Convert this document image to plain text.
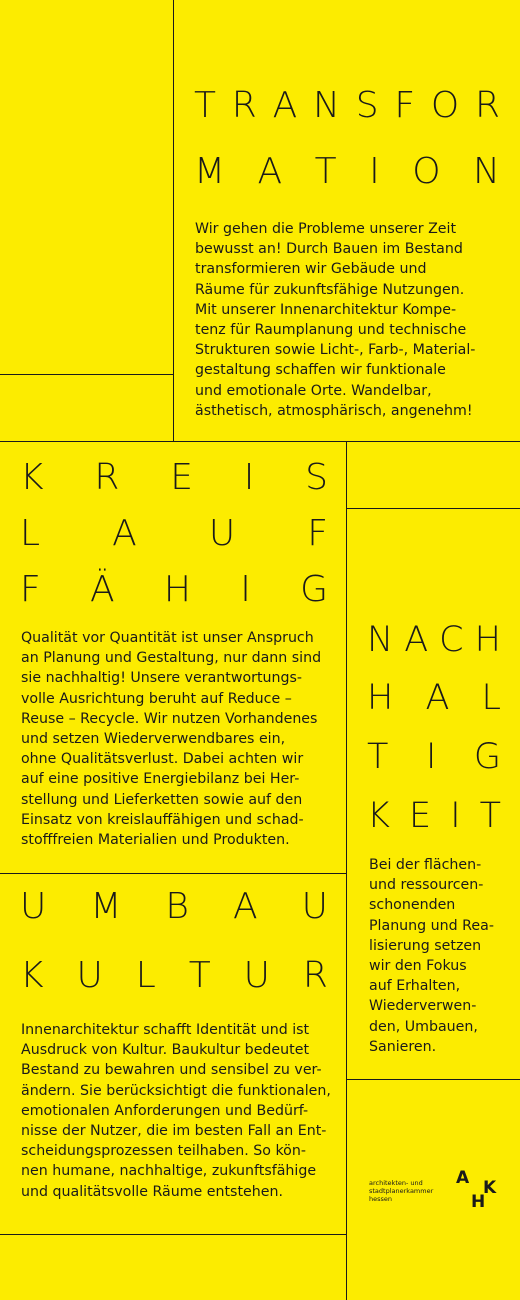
T R A N S F O R
M A T I O N
Wir gehen die Probleme unserer Zeit
bewusst an! Durch Bauen im Bestand
transformieren wir Gebäude und
Räume für zukunftsfähige Nutzungen.
Mit unserer Innenarchitektur Kompe-
tenz für Raumplanung und technische
Strukturen sowie Licht-, Farb-, Material-
gestaltung schaffen wir funktionale
und emotionale Orte. Wandelbar,
ästhetisch, atmosphärisch, angenehm!
K R E I S
L A U F
F Ä H I G
Qualität vor Quantität ist unser Anspruch
an Planung und Gestaltung, nur dann sind
sie nachhaltig! Unsere verantwortungs-
volle Ausrichtung beruht auf Reduce –
Reuse – Recycle. Wir nutzen Vorhandenes
und setzen Wiederverwendbares ein,
ohne Qualitätsverlust. Dabei achten wir
auf eine positive Energiebilanz bei Her-
stellung und Lieferketten sowie auf den
Einsatz von kreislauffähigen und schad-
stofffreien Materialien und Produkten.
N A C H
H A L
T I G
K E I T
Bei der flächen-
und ressourcen-
schonenden
Planung und Rea-
lisierung setzen
wir den Fokus
auf Erhalten,
Wiederverwen-
den, Umbauen,
Sanieren.
U M B A U
K U L T U R
Innenarchitektur schafft Identität und ist
Ausdruck von Kultur. Baukultur bedeutet
Bestand zu bewahren und sensibel zu ver-
ändern. Sie berücksichtigt die funktionalen,
emotionalen Anforderungen und Bedürf-
nisse der Nutzer, die im besten Fall an Ent-
scheidungsprozessen teilhaben. So kön-
nen humane, nachhaltige, zukunftsfähige
und qualitätsvolle Räume entstehen.
architekten- und
stadtplanerkammer
hessen
A K
H
